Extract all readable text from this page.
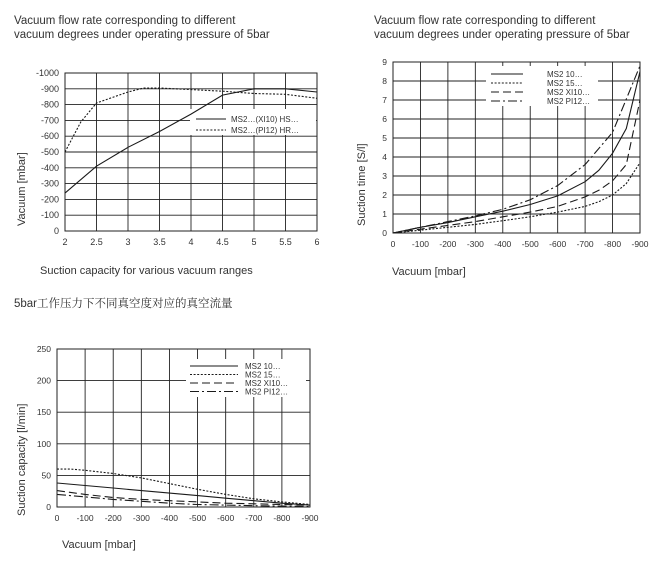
Vacuum flow rate corresponding to different
vacuum degrees under operating pressure of 5bar
Vacuum flow rate corresponding to different
vacuum degrees under operating pressure of 5bar
5bar工作压力下不同真空度对应的真空流量
Suction capacity for various vacuum ranges	Vacuum [mbar]
Vacuum [mbar]
Vacuum [mbar]	Suction time [S/l]
Suction capacity [l/min]
2	2.5	3	3.5	4	4.5	5	5.5	6
-1000
-900
-800
-700
-600
-500
-400
-300
-200
-100
0
MS2…(XI10) HS…
MS2…(PI12) HR…
0 -100 -200 -300 -400 -500 -600 -700 -800 -900
0
1
2
3
4
5
6
7
8
9
MS2 10…
MS2 15…
MS2 XI10…
MS2 PI12…
0 -100 -200 -300 -400 -500 -600 -700 -800 -900
0
50
100
150
200
250
MS2 10…
MS2 15…
MS2 XI10…
MS2 PI12…
